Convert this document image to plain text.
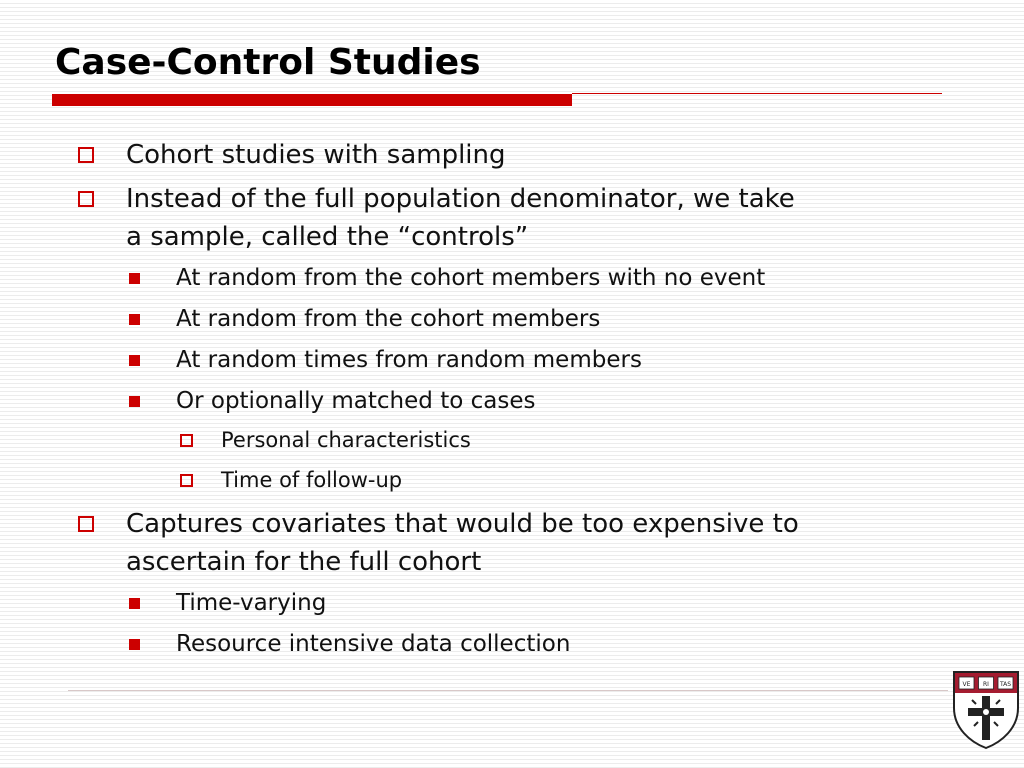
Case-Control Studies
Cohort studies with sampling
Instead of the full population denominator, we take
a sample, called the “controls”
At random from the cohort members with no event
At random from the cohort members
At random times from random members
Or optionally matched to cases
Personal characteristics
Time of follow-up
Captures covariates that would be too expensive to
ascertain for the full cohort
Time-varying
Resource intensive data collection
VE RI TAS
